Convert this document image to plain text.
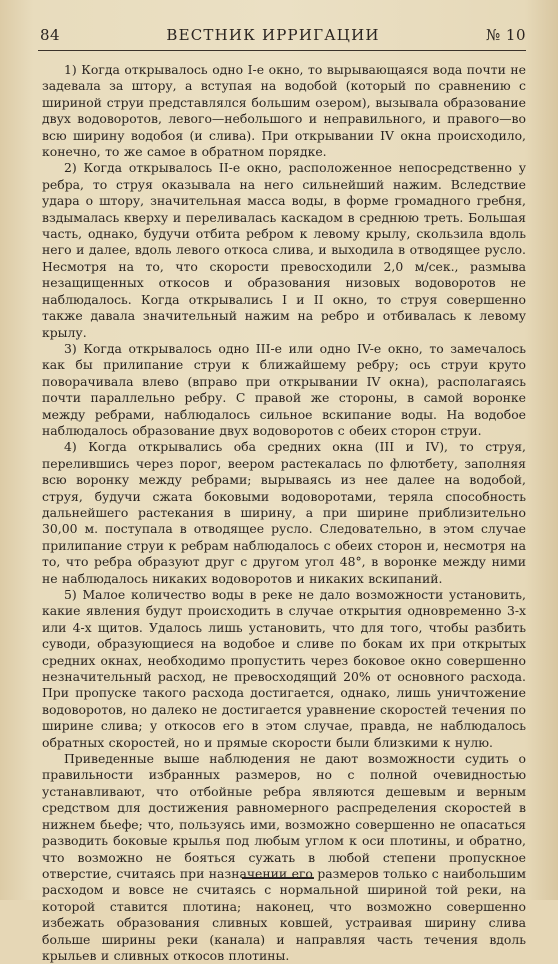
84	ВЕСТНИК ИРРИГАЦИИ	№ 10

1) Когда открывалось одно I-е окно, то вырывающаяся вода почти не задевала за штору, а вступая на водобой (который по сравнению с шириной струи представлялся большим озером), вызывала образование двух водоворотов, левого—небольшого и неправильного, и правого—во всю ширину водобоя (и слива). При открывании IV окна происходило, конечно, то же самое в обратном порядке.

2) Когда открывалось II-е окно, расположенное непосредственно у ребра, то струя оказывала на него сильнейший нажим. Вследствие удара о штору, значительная масса воды, в форме громадного гребня, вздымалась кверху и переливалась каскадом в среднюю треть. Большая часть, однако, будучи отбита ребром к левому крылу, скользила вдоль него и далее, вдоль левого откоса слива, и выходила в отводящее русло. Несмотря на то, что скорости превосходили 2,0 м/сек., размыва незащищенных откосов и образования низовых водоворотов не наблюдалось. Когда открывались I и II окно, то струя совершенно также давала значительный нажим на ребро и отбивалась к левому крылу.

3) Когда открывалось одно III-е или одно IV-е окно, то замечалось как бы прилипание струи к ближайшему ребру; ось струи круто поворачивала влево (вправо при открывании IV окна), располагаясь почти параллельно ребру. С правой же стороны, в самой воронке между ребрами, наблюдалось сильное вскипание воды. На водобое наблюдалось образование двух водоворотов с обеих сторон струи.

4) Когда открывались оба средних окна (III и IV), то струя, перелившись через порог, веером растекалась по флютбету, заполняя всю воронку между ребрами; вырываясь из нее далее на водобой, струя, будучи сжата боковыми водоворотами, теряла способность дальнейшего растекания в ширину, а при ширине приблизительно 30,00 м. поступала в отводящее русло. Следовательно, в этом случае прилипание струи к ребрам наблюдалось с обеих сторон и, несмотря на то, что ребра образуют друг с другом угол 48°, в воронке между ними не наблюдалось никаких водоворотов и никаких вскипаний.

5) Малое количество воды в реке не дало возможности установить, какие явления будут происходить в случае открытия одновременно 3-х или 4-х щитов. Удалось лишь установить, что для того, чтобы разбить суводи, образующиеся на водобое и сливе по бокам их при открытых средних окнах, необходимо пропустить через боковое окно совершенно незначительный расход, не превосходящий 20% от основного расхода. При пропуске такого расхода достигается, однако, лишь уничтожение водоворотов, но далеко не достигается уравнение скоростей течения по ширине слива; у откосов его в этом случае, правда, не наблюдалось обратных скоростей, но и прямые скорости были близкими к нулю.

Приведенные выше наблюдения не дают возможности судить о правильности избранных размеров, но с полной очевидностью устанавливают, что отбойные ребра являются дешевым и верным средством для достижения равномерного распределения скоростей в нижнем бьефе; что, пользуясь ими, возможно совершенно не опасаться разводить боковые крылья под любым углом к оси плотины, и обратно, что возможно не бояться сужать в любой степени пропускное отверстие, считаясь при назначении его размеров только с наибольшим расходом и вовсе не считаясь с нормальной шириной той реки, на которой ставится плотина; наконец, что возможно совершенно избежать образования сливных ковшей, устраивая ширину слива больше ширины реки (канала) и направляя часть течения вдоль крыльев и сливных откосов плотины.
